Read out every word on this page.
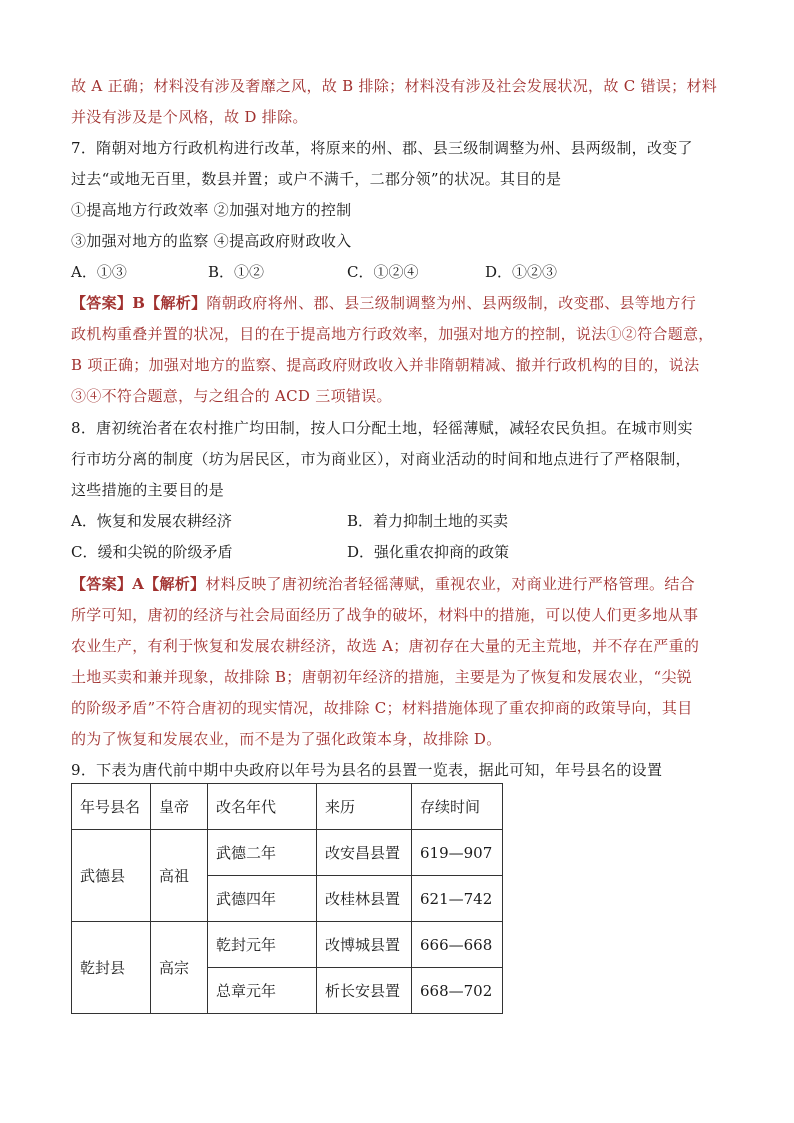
故 A 正确；材料没有涉及奢靡之风，故 B 排除；材料没有涉及社会发展状况，故 C 错误；材料
并没有涉及是个风格，故 D 排除。
7．隋朝对地方行政机构进行改革，将原来的州、郡、县三级制调整为州、县两级制，改变了
过去“或地无百里，数县并置；或户不满千，二郡分领”的状况。其目的是
①提高地方行政效率 ②加强对地方的控制
③加强对地方的监察 ④提高政府财政收入
A．①③	B．①②	C．①②④	D．①②③
【答案】B【解析】隋朝政府将州、郡、县三级制调整为州、县两级制，改变郡、县等地方行
政机构重叠并置的状况，目的在于提高地方行政效率，加强对地方的控制，说法①②符合题意，
B 项正确；加强对地方的监察、提高政府财政收入并非隋朝精减、撤并行政机构的目的，说法
③④不符合题意，与之组合的 ACD 三项错误。
8．唐初统治者在农村推广均田制，按人口分配土地，轻徭薄赋，减轻农民负担。在城市则实
行市坊分离的制度（坊为居民区，市为商业区），对商业活动的时间和地点进行了严格限制，
这些措施的主要目的是
A．恢复和发展农耕经济	B．着力抑制土地的买卖
C．缓和尖锐的阶级矛盾	D．强化重农抑商的政策
【答案】A【解析】材料反映了唐初统治者轻徭薄赋，重视农业，对商业进行严格管理。结合
所学可知，唐初的经济与社会局面经历了战争的破坏，材料中的措施，可以使人们更多地从事
农业生产，有利于恢复和发展农耕经济，故选 A；唐初存在大量的无主荒地，并不存在严重的
土地买卖和兼并现象，故排除 B；唐朝初年经济的措施，主要是为了恢复和发展农业，“尖锐
的阶级矛盾”不符合唐初的现实情况，故排除 C；材料措施体现了重农抑商的政策导向，其目
的为了恢复和发展农业，而不是为了强化政策本身，故排除 D。
9．下表为唐代前中期中央政府以年号为县名的县置一览表，据此可知，年号县名的设置
年号县名	皇帝	改名年代	来历	存续时间
武德县	高祖	武德二年	改安昌县置	619—907
		武德四年	改桂林县置	621—742
乾封县	高宗	乾封元年	改博城县置	666—668
		总章元年	析长安县置	668—702
